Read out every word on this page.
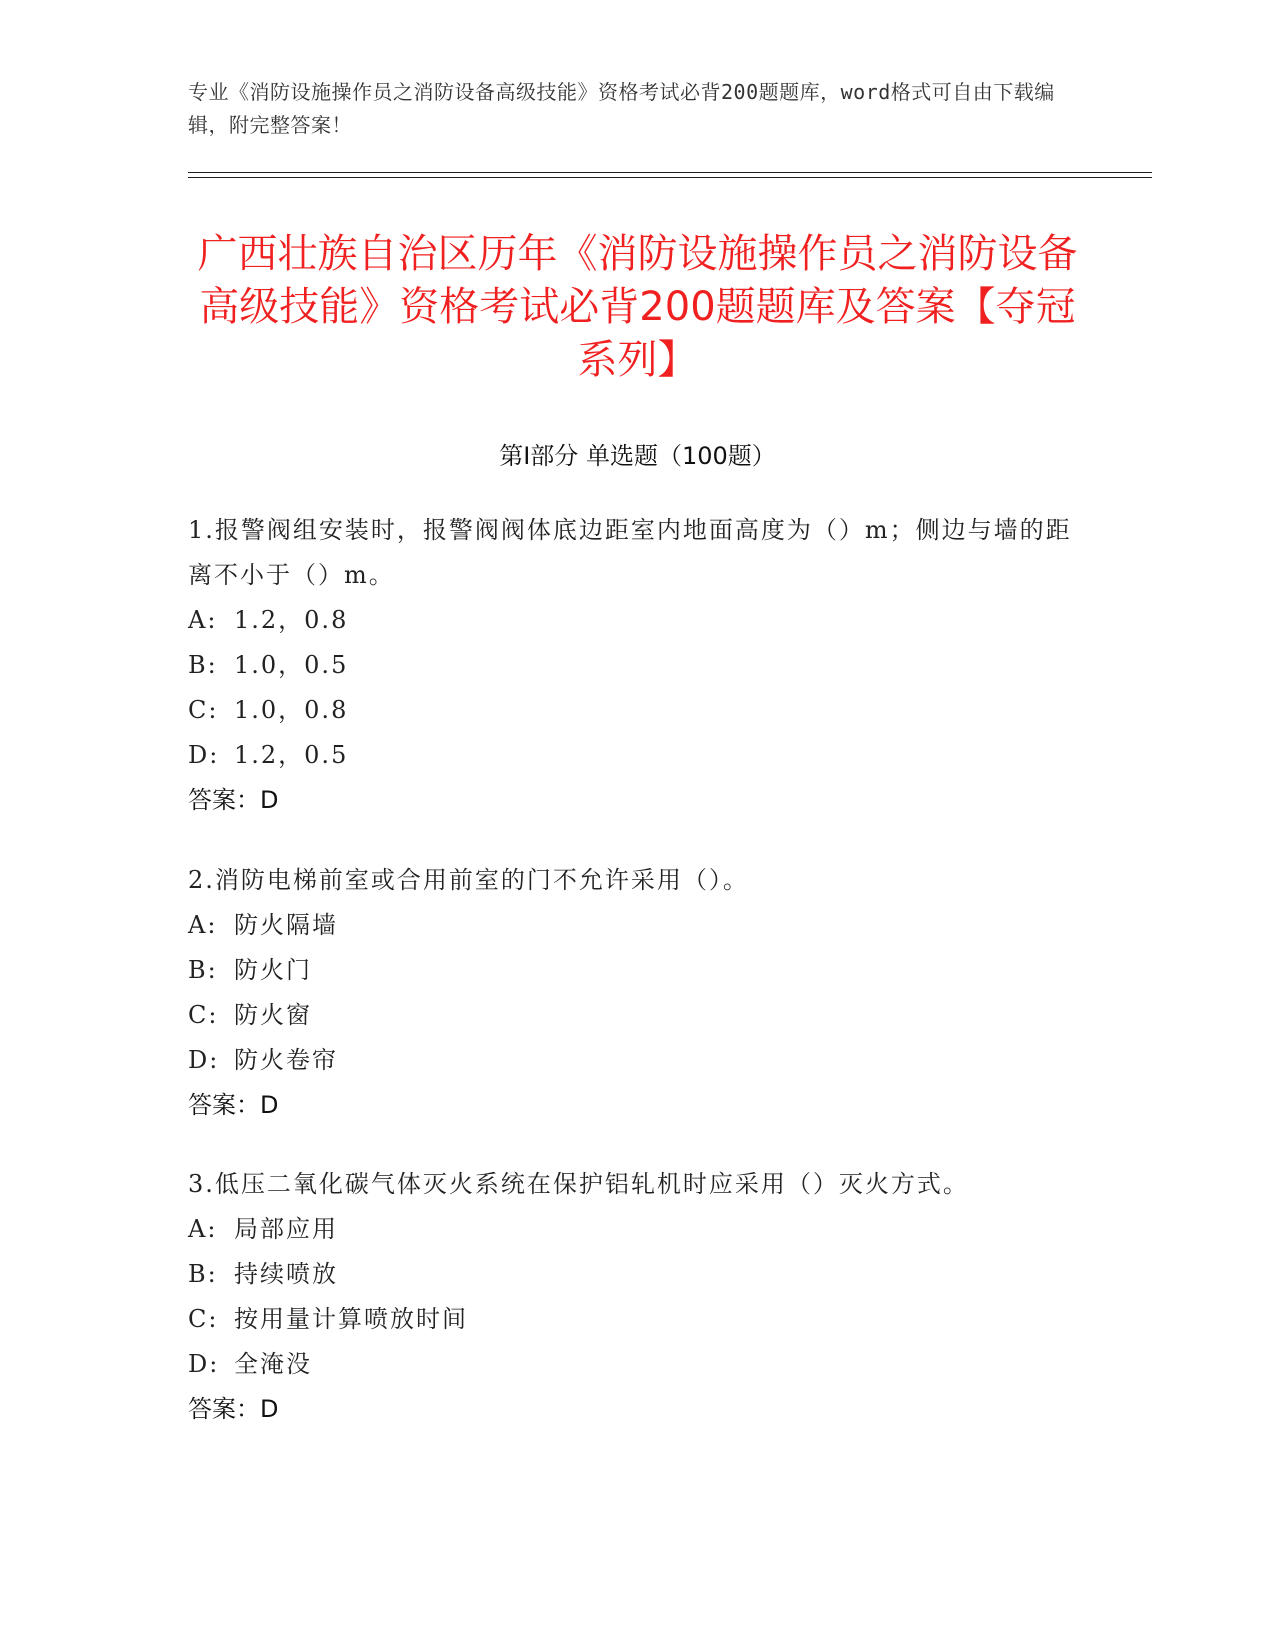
专业《消防设施操作员之消防设备高级技能》资格考试必背200题题库，word格式可自由下载编辑，附完整答案！
广西壮族自治区历年《消防设施操作员之消防设备高级技能》资格考试必背200题题库及答案【夺冠系列】
第I部分 单选题（100题）
1.报警阀组安装时，报警阀阀体底边距室内地面高度为（）m；侧边与墙的距离不小于（）m。
A: 1.2，0.8
B: 1.0，0.5
C: 1.0，0.8
D: 1.2，0.5
答案：D
2.消防电梯前室或合用前室的门不允许采用（）。
A: 防火隔墙
B: 防火门
C: 防火窗
D: 防火卷帘
答案：D
3.低压二氧化碳气体灭火系统在保护铝轧机时应采用（）灭火方式。
A: 局部应用
B: 持续喷放
C: 按用量计算喷放时间
D: 全淹没
答案：D
